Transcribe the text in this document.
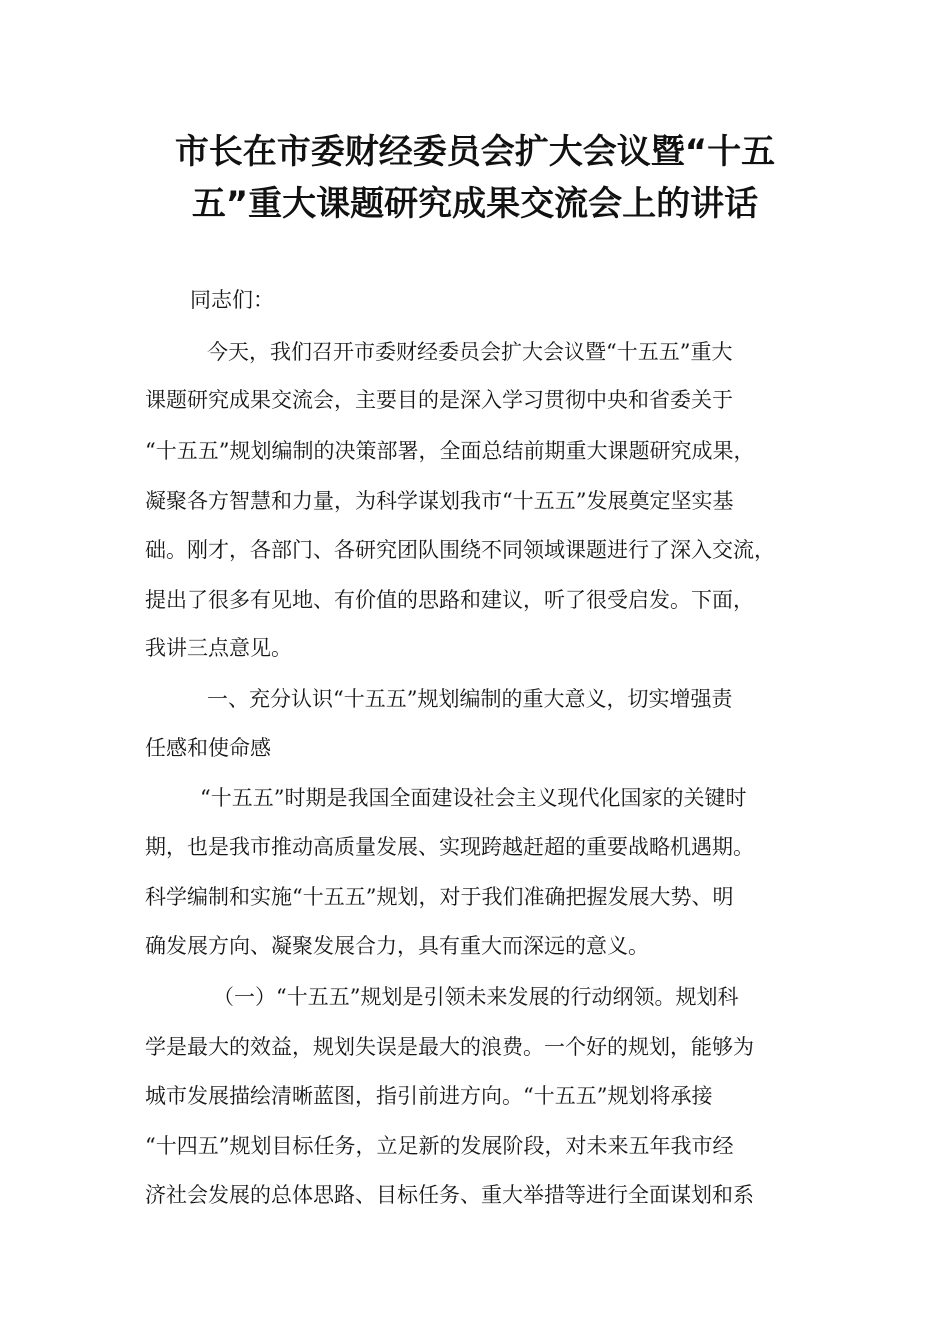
市长在市委财经委员会扩大会议暨“十五
五”重大课题研究成果交流会上的讲话
同志们：
今天，我们召开市委财经委员会扩大会议暨“十五五”重大
课题研究成果交流会，主要目的是深入学习贯彻中央和省委关于
“十五五”规划编制的决策部署，全面总结前期重大课题研究成果，
凝聚各方智慧和力量，为科学谋划我市“十五五”发展奠定坚实基
础。刚才，各部门、各研究团队围绕不同领域课题进行了深入交流，
提出了很多有见地、有价值的思路和建议，听了很受启发。下面，
我讲三点意见。
一、充分认识“十五五”规划编制的重大意义，切实增强责
任感和使命感
“十五五”时期是我国全面建设社会主义现代化国家的关键时
期，也是我市推动高质量发展、实现跨越赶超的重要战略机遇期。
科学编制和实施“十五五”规划，对于我们准确把握发展大势、明
确发展方向、凝聚发展合力，具有重大而深远的意义。
（一）“十五五”规划是引领未来发展的行动纲领。规划科
学是最大的效益，规划失误是最大的浪费。一个好的规划，能够为
城市发展描绘清晰蓝图，指引前进方向。“十五五”规划将承接
“十四五”规划目标任务，立足新的发展阶段，对未来五年我市经
济社会发展的总体思路、目标任务、重大举措等进行全面谋划和系
